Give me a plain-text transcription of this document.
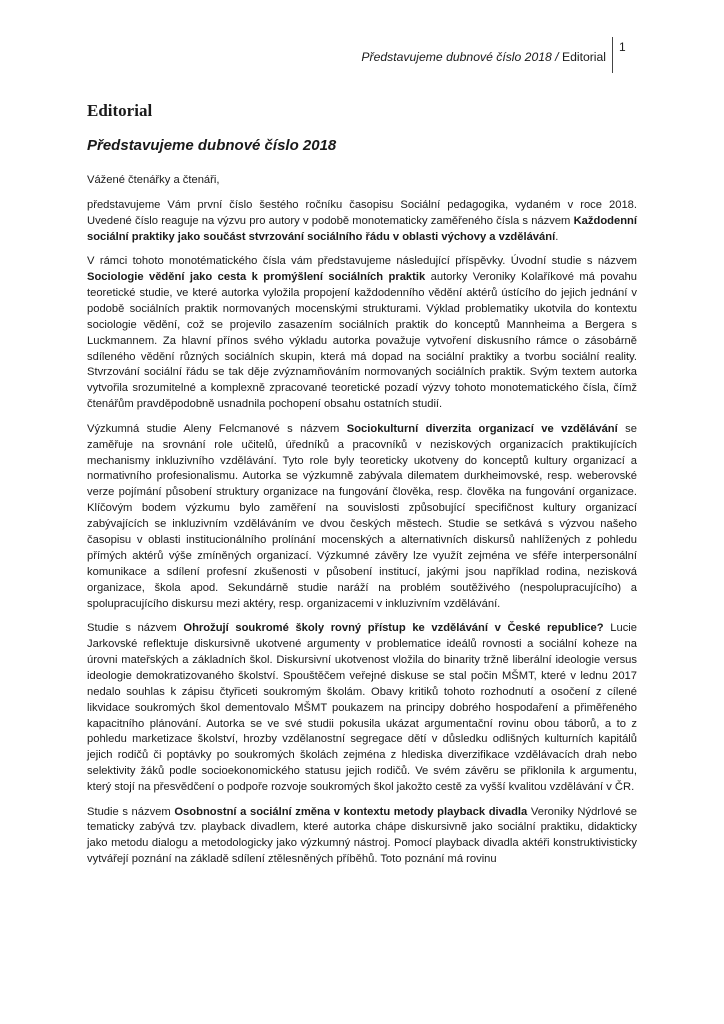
Představujeme dubnové číslo 2018 / Editorial
1
Editorial
Představujeme dubnové číslo 2018

Vážené čtenářky a čtenáři,

představujeme Vám první číslo šestého ročníku časopisu Sociální pedagogika, vydaném v roce 2018. Uvedené číslo reaguje na výzvu pro autory v podobě monotematicky zaměřeného čísla s názvem Každodenní sociální praktiky jako součást stvrzování sociálního řádu v oblasti výchovy a vzdělávání.

V rámci tohoto monotématického čísla vám představujeme následující příspěvky. Úvodní studie s názvem Sociologie vědění jako cesta k promýšlení sociálních praktik autorky Veroniky Kolaříkové má povahu teoretické studie, ve které autorka vyložila propojení každodenního vědění aktérů ústícího do jejich jednání v podobě sociálních praktik normovaných mocenskými strukturami. Výklad problematiky ukotvila do kontextu sociologie vědění, což se projevilo zasazením sociálních praktik do konceptů Mannheima a Bergera s Luckmannem. Za hlavní přínos svého výkladu autorka považuje vytvoření diskusního rámce o zásobárně sdíleného vědění různých sociálních skupin, která má dopad na sociální praktiky a tvorbu sociální reality. Stvrzování sociální řádu se tak děje zvýznamňováním normovaných sociálních praktik. Svým textem autorka vytvořila srozumitelné a komplexně zpracované teoretické pozadí výzvy tohoto monotematického čísla, čímž čtenářům pravděpodobně usnadnila pochopení obsahu ostatních studií.

Výzkumná studie Aleny Felcmanové s názvem Sociokulturní diverzita organizací ve vzdělávání se zaměřuje na srovnání role učitelů, úředníků a pracovníků v neziskových organizacích praktikujících mechanismy inkluzivního vzdělávání. Tyto role byly teoreticky ukotveny do konceptů kultury organizací a normativního profesionalismu. Autorka se výzkumně zabývala dilematem durkheimovské, resp. weberovské verze pojímání působení struktury organizace na fungování člověka, resp. člověka na fungování organizace. Klíčovým bodem výzkumu bylo zaměření na souvislosti způsobující specifičnost kultury organizací zabývajících se inkluzivním vzděláváním ve dvou českých městech. Studie se setkává s výzvou našeho časopisu v oblasti institucionálního prolínání mocenských a alternativních diskursů nahlížených z pohledu přímých aktérů výše zmíněných organizací. Výzkumné závěry lze využít zejména ve sféře interpersonální komunikace a sdílení profesní zkušenosti v působení institucí, jakými jsou například rodina, nezisková organizace, škola apod. Sekundárně studie naráží na problém soutěživého (nespolupracujícího) a spolupracujícího diskursu mezi aktéry, resp. organizacemi v inkluzivním vzdělávání.

Studie s názvem Ohrožují soukromé školy rovný přístup ke vzdělávání v České republice? Lucie Jarkovské reflektuje diskursivně ukotvené argumenty v problematice ideálů rovnosti a sociální koheze na úrovni mateřských a základních škol. Diskursivní ukotvenost vložila do binarity tržně liberální ideologie versus ideologie demokratizovaného školství. Spouštěčem veřejné diskuse se stal počin MŠMT, které v lednu 2017 nedalo souhlas k zápisu čtyřiceti soukromým školám. Obavy kritiků tohoto rozhodnutí a osočení z cílené likvidace soukromých škol dementovalo MŠMT poukazem na principy dobrého hospodaření a přiměřeného kapacitního plánování. Autorka se ve své studii pokusila ukázat argumentační rovinu obou táborů, a to z pohledu marketizace školství, hrozby vzdělanostní segregace dětí v důsledku odlišných kulturních kapitálů jejich rodičů či poptávky po soukromých školách zejména z hlediska diverzifikace vzdělávacích drah nebo selektivity žáků podle socioekonomického statusu jejich rodičů. Ve svém závěru se přiklonila k argumentu, který stojí na přesvědčení o podpoře rozvoje soukromých škol jakožto cestě za vyšší kvalitou vzdělávání v ČR.

Studie s názvem Osobnostní a sociální změna v kontextu metody playback divadla Veroniky Nýdrlové se tematicky zabývá tzv. playback divadlem, které autorka chápe diskursivně jako sociální praktiku, didakticky jako metodu dialogu a metodologicky jako výzkumný nástroj. Pomocí playback divadla aktéři konstruktivisticky vytvářejí poznání na základě sdílení ztělesněných příběhů. Toto poznání má rovinu
